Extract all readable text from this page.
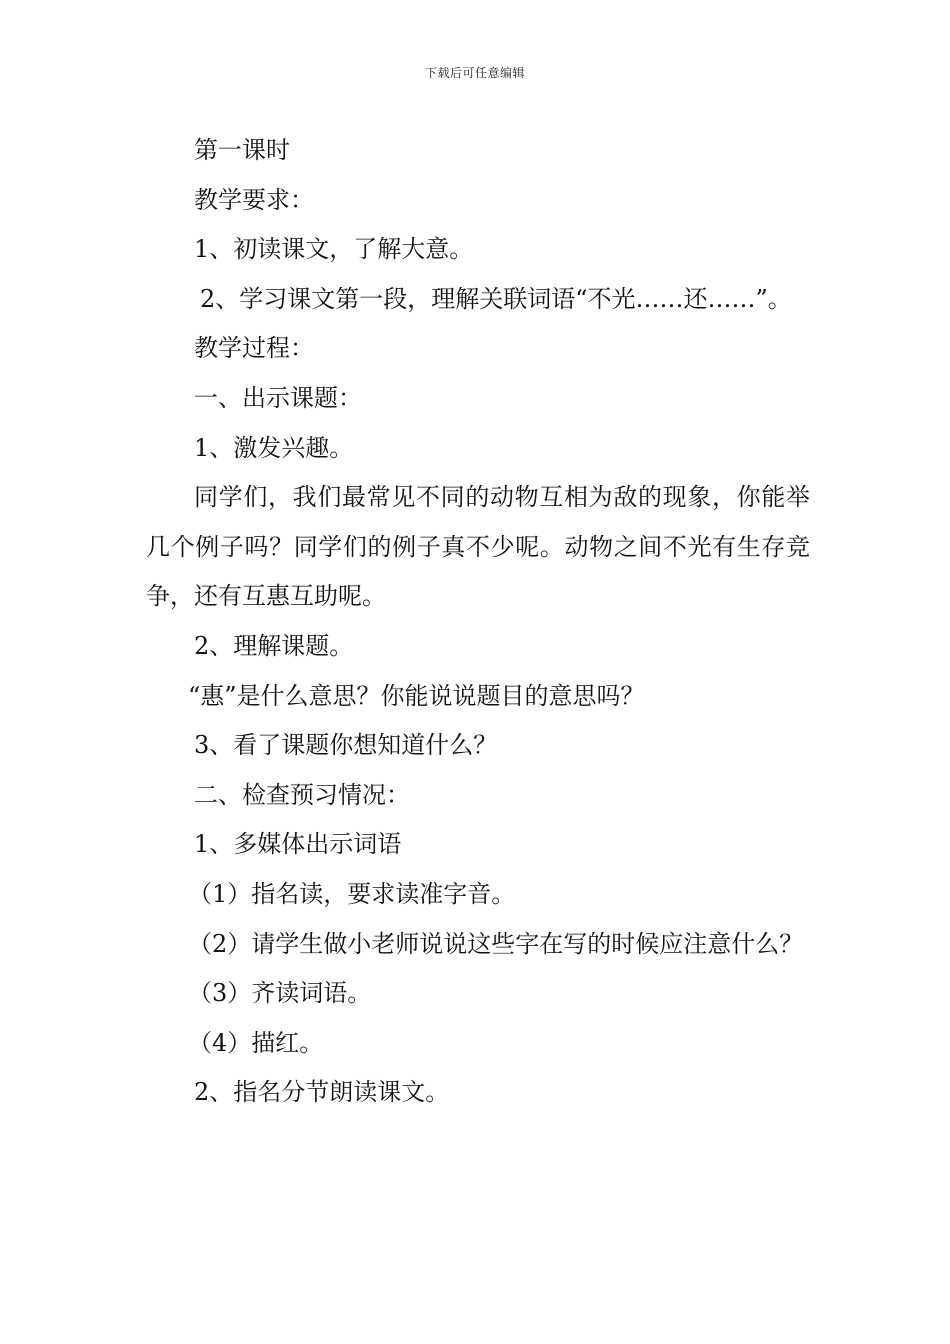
下载后可任意编辑

第一课时

教学要求：

1、初读课文，了解大意。

2、学习课文第一段，理解关联词语“不光……还……”。

教学过程：

一、出示课题：

1、激发兴趣。

同学们，我们最常见不同的动物互相为敌的现象，你能举几个例子吗？同学们的例子真不少呢。动物之间不光有生存竞争，还有互惠互助呢。

2、理解课题。

“惠”是什么意思？你能说说题目的意思吗？

3、看了课题你想知道什么？

二、检查预习情况：

1、多媒体出示词语

（1）指名读，要求读准字音。

（2）请学生做小老师说说这些字在写的时候应注意什么？

（3）齐读词语。

（4）描红。

2、指名分节朗读课文。
